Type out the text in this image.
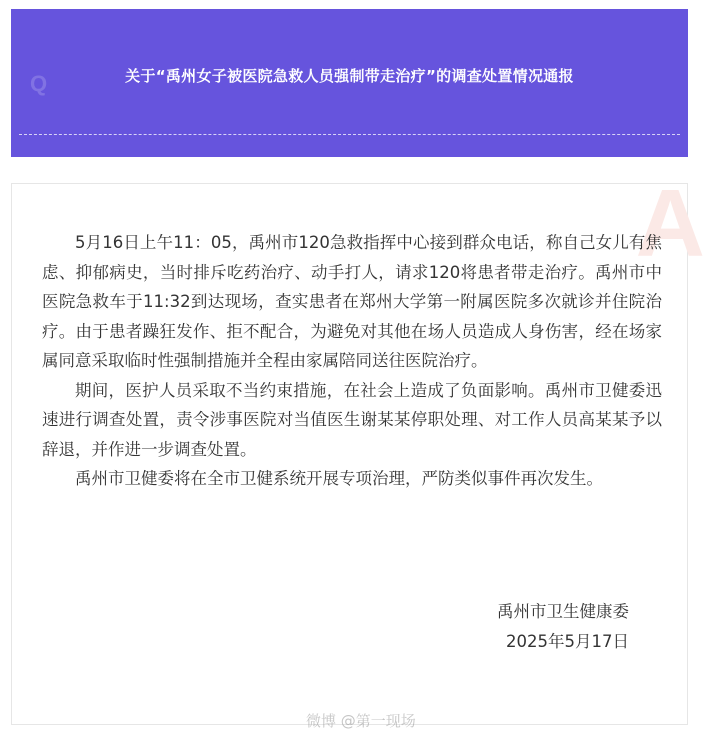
Q	关于“禹州女子被医院急救人员强制带走治疗”的调查处置情况通报
A

5月16日上午11：05，禹州市120急救指挥中心接到群众电话，称自己女儿有焦虑、抑郁病史，当时排斥吃药治疗、动手打人，请求120将患者带走治疗。禹州市中医院急救车于11:32到达现场，查实患者在郑州大学第一附属医院多次就诊并住院治疗。由于患者躁狂发作、拒不配合，为避免对其他在场人员造成人身伤害，经在场家属同意采取临时性强制措施并全程由家属陪同送往医院治疗。

期间，医护人员采取不当约束措施，在社会上造成了负面影响。禹州市卫健委迅速进行调查处置，责令涉事医院对当值医生谢某某停职处理、对工作人员高某某予以辞退，并作进一步调查处置。

禹州市卫健委将在全市卫健系统开展专项治理，严防类似事件再次发生。

禹州市卫生健康委
2025年5月17日
微博 @第一现场
